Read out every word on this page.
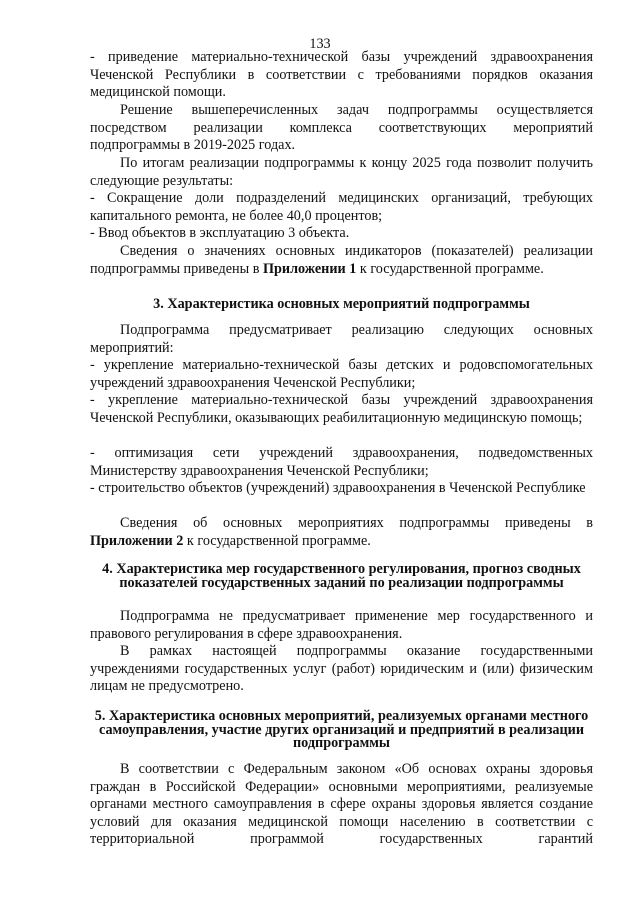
133
- приведение материально-технической базы учреждений здравоохранения Чеченской Республики в соответствии с требованиями порядков оказания медицинской помощи.
Решение вышеперечисленных задач подпрограммы осуществляется посредством реализации комплекса соответствующих мероприятий подпрограммы в 2019-2025 годах.
По итогам реализации подпрограммы к концу 2025 года позволит получить следующие результаты:
- Сокращение доли подразделений медицинских организаций, требующих капитального ремонта, не более 40,0 процентов;
- Ввод объектов в эксплуатацию 3 объекта.
Сведения о значениях основных индикаторов (показателей) реализации подпрограммы приведены в Приложении 1 к государственной программе.
3. Характеристика основных мероприятий подпрограммы
Подпрограмма предусматривает реализацию следующих основных мероприятий:
- укрепление материально-технической базы детских и родовспомогательных учреждений здравоохранения Чеченской Республики;
- укрепление материально-технической базы учреждений здравоохранения Чеченской Республики, оказывающих реабилитационную медицинскую помощь;
- оптимизация сети учреждений здравоохранения, подведомственных Министерству здравоохранения Чеченской Республики;
- строительство объектов (учреждений) здравоохранения в Чеченской Республике
Сведения об основных мероприятиях подпрограммы приведены в Приложении 2 к государственной программе.
4. Характеристика мер государственного регулирования, прогноз сводных показателей государственных заданий по реализации подпрограммы
Подпрограмма не предусматривает применение мер государственного и правового регулирования в сфере здравоохранения.
В рамках настоящей подпрограммы оказание государственными учреждениями государственных услуг (работ) юридическим и (или) физическим лицам не предусмотрено.
5. Характеристика основных мероприятий, реализуемых органами местного самоуправления, участие других организаций и предприятий в реализации подпрограммы
В соответствии с Федеральным законом «Об основах охраны здоровья граждан в Российской Федерации» основными мероприятиями, реализуемые органами местного самоуправления в сфере охраны здоровья является создание условий для оказания медицинской помощи населению в соответствии с территориальной программой государственных гарантий
